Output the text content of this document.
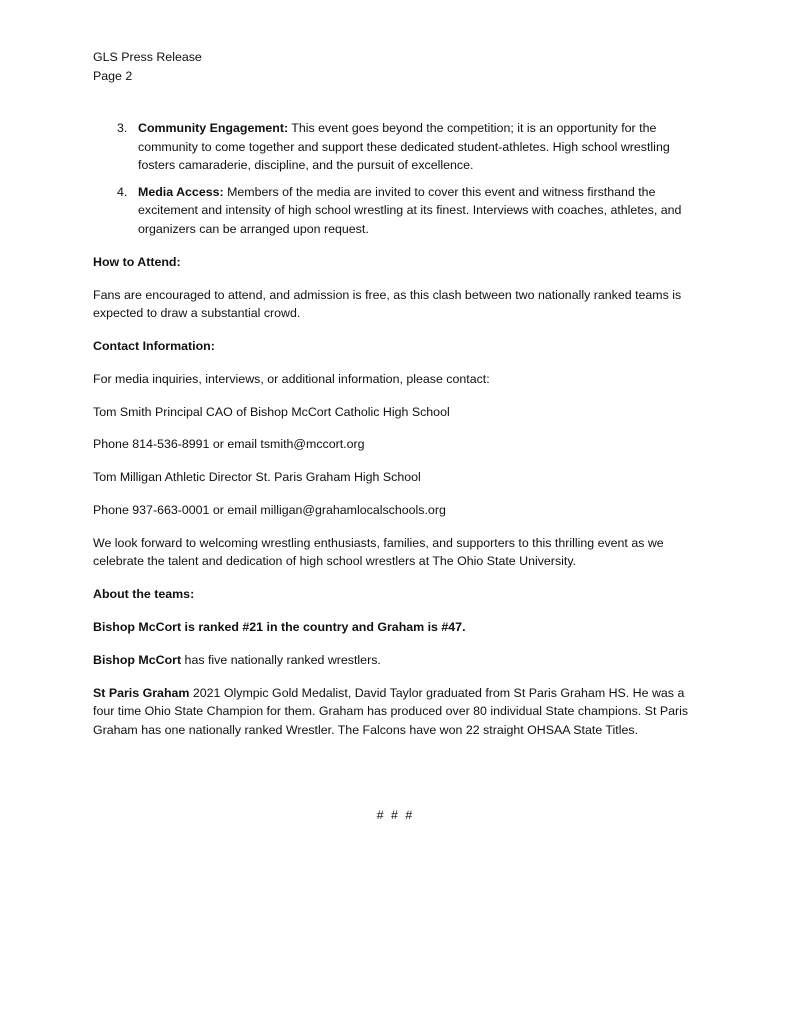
GLS Press Release
Page 2
3. Community Engagement: This event goes beyond the competition; it is an opportunity for the community to come together and support these dedicated student-athletes. High school wrestling fosters camaraderie, discipline, and the pursuit of excellence.
4. Media Access: Members of the media are invited to cover this event and witness firsthand the excitement and intensity of high school wrestling at its finest. Interviews with coaches, athletes, and organizers can be arranged upon request.

How to Attend:

Fans are encouraged to attend, and admission is free, as this clash between two nationally ranked teams is expected to draw a substantial crowd.

Contact Information:

For media inquiries, interviews, or additional information, please contact:

Tom Smith Principal CAO of Bishop McCort Catholic High School

Phone 814-536-8991 or email tsmith@mccort.org

Tom Milligan Athletic Director St. Paris Graham High School

Phone 937-663-0001 or email milligan@grahamlocalschools.org

We look forward to welcoming wrestling enthusiasts, families, and supporters to this thrilling event as we celebrate the talent and dedication of high school wrestlers at The Ohio State University.

About the teams:

Bishop McCort is ranked #21 in the country and Graham is #47.

Bishop McCort has five nationally ranked wrestlers.

St Paris Graham 2021 Olympic Gold Medalist, David Taylor graduated from St Paris Graham HS. He was a four time Ohio State Champion for them. Graham has produced over 80 individual State champions. St Paris Graham has one nationally ranked Wrestler. The Falcons have won 22 straight OHSAA State Titles.

# # #
